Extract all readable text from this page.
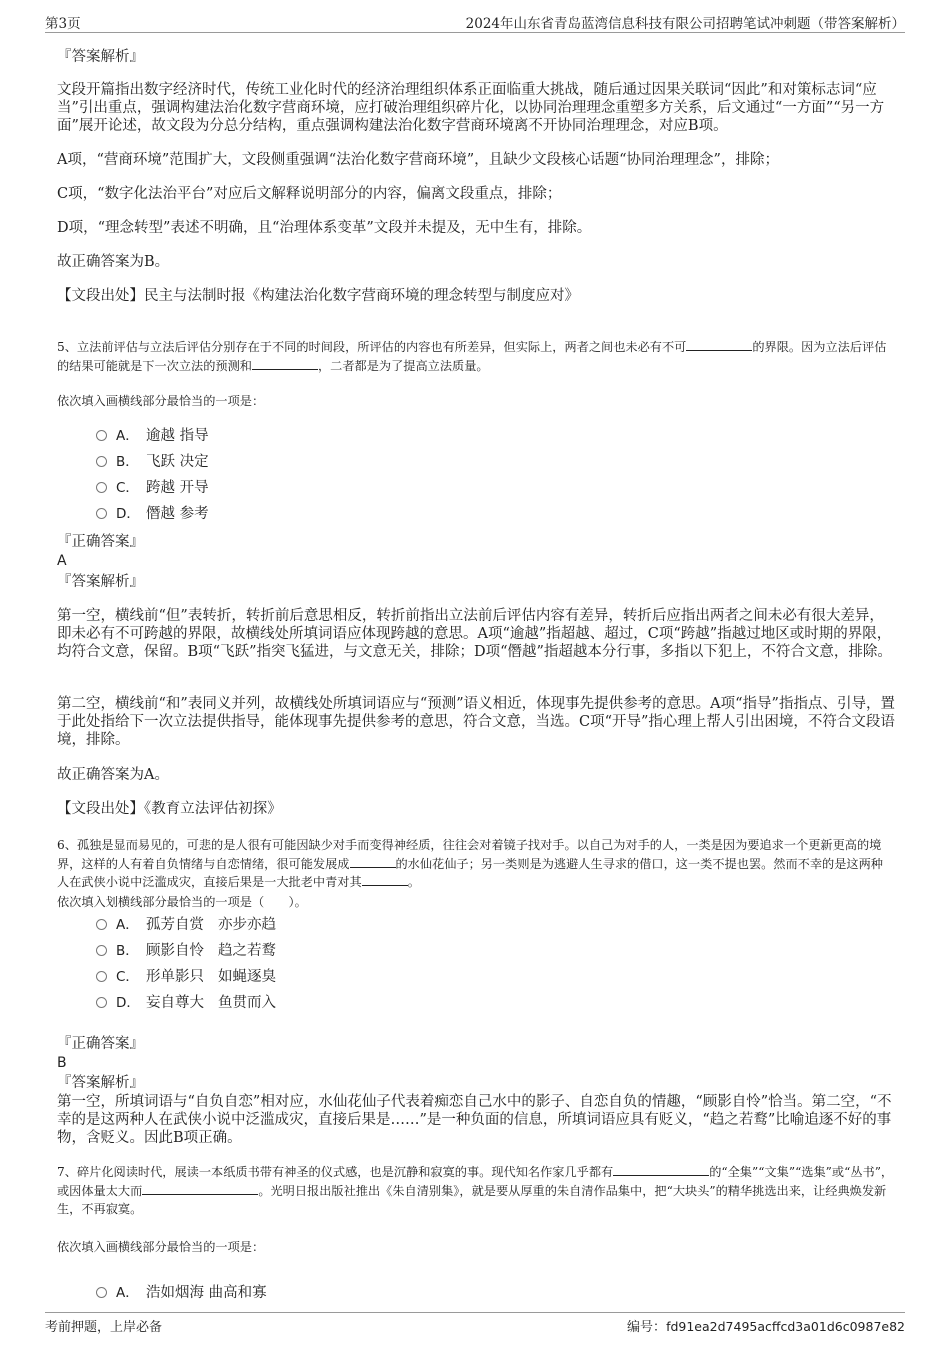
第3页	2024年山东省青岛蓝湾信息科技有限公司招聘笔试冲刺题（带答案解析）
『答案解析』

文段开篇指出数字经济时代，传统工业化时代的经济治理组织体系正面临重大挑战，随后通过因果关联词“因此”和对策标志词“应当”引出重点，强调构建法治化数字营商环境，应打破治理组织碎片化，以协同治理理念重塑多方关系，后文通过“一方面”“另一方面”展开论述，故文段为分总分结构，重点强调构建法治化数字营商环境离不开协同治理理念，对应B项。

A项，“营商环境”范围扩大，文段侧重强调“法治化数字营商环境”，且缺少文段核心话题“协同治理理念”，排除；

C项，“数字化法治平台”对应后文解释说明部分的内容，偏离文段重点，排除；

D项，“理念转型”表述不明确，且“治理体系变革”文段并未提及，无中生有，排除。

故正确答案为B。

【文段出处】民主与法制时报《构建法治化数字营商环境的理念转型与制度应对》

5、立法前评估与立法后评估分别存在于不同的时间段，所评估的内容也有所差异，但实际上，两者之间也未必有不可	的界限。因为立法后评估的结果可能就是下一次立法的预测和	，二者都是为了提高立法质量。

依次填入画横线部分最恰当的一项是：

A． 逾越 指导
B． 飞跃 决定
C． 跨越 开导
D． 僭越 参考
『正确答案』
A
『答案解析』

第一空，横线前“但”表转折，转折前后意思相反，转折前指出立法前后评估内容有差异，转折后应指出两者之间未必有很大差异，即未必有不可跨越的界限，故横线处所填词语应体现跨越的意思。A项“逾越”指超越、超过，C项“跨越”指越过地区或时期的界限，均符合文意，保留。B项“飞跃”指突飞猛进，与文意无关，排除；D项“僭越”指超越本分行事，多指以下犯上，不符合文意，排除。

第二空，横线前“和”表同义并列，故横线处所填词语应与“预测”语义相近，体现事先提供参考的意思。A项“指导”指指点、引导，置于此处指给下一次立法提供指导，能体现事先提供参考的意思，符合文意，当选。C项“开导”指心理上帮人引出困境，不符合文段语境，排除。

故正确答案为A。

【文段出处】《教育立法评估初探》

6、孤独是显而易见的，可悲的是人很有可能因缺少对手而变得神经质，往往会对着镜子找对手。以自己为对手的人，一类是因为要追求一个更新更高的境界，这样的人有着自负情绪与自恋情绪，很可能发展成	的水仙花仙子；另一类则是为逃避人生寻求的借口，这一类不提也罢。然而不幸的是这两种人在武侠小说中泛滥成灾，直接后果是一大批老中青对其	。

依次填入划横线部分最恰当的一项是（　　）。

A． 孤芳自赏 亦步亦趋
B． 顾影自怜 趋之若鹜
C． 形单影只 如蝇逐臭
D． 妄自尊大 鱼贯而入
『正确答案』
B
『答案解析』

第一空，所填词语与“自负自恋”相对应，水仙花仙子代表着痴恋自己水中的影子、自恋自负的情趣，“顾影自怜”恰当。第二空，“不幸的是这两种人在武侠小说中泛滥成灾，直接后果是……”是一种负面的信息，所填词语应具有贬义，“趋之若鹜”比喻追逐不好的事物，含贬义。因此B项正确。

7、碎片化阅读时代，展读一本纸质书带有神圣的仪式感，也是沉静和寂寞的事。现代知名作家几乎都有	的“全集”“文集”“选集”或“丛书”，或因体量太大而	。光明日报出版社推出《朱自清别集》，就是要从厚重的朱自清作品集中，把“大块头”的精华挑选出来，让经典焕发新生，不再寂寞。

依次填入画横线部分最恰当的一项是：

A． 浩如烟海 曲高和寡
考前押题，上岸必备	编号：fd91ea2d7495acffcd3a01d6c0987e82
